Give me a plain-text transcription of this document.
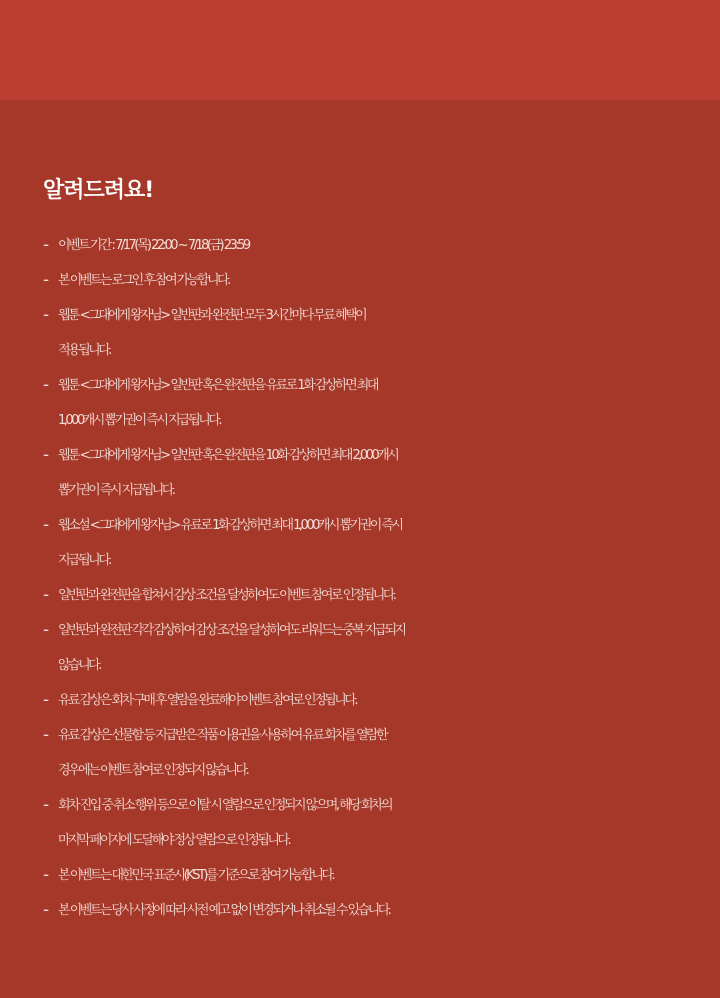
알려드려요!
- 이벤트 기간 : 7/17(목) 22:00 ~ 7/18(금) 23:59
- 본 이벤트는 로그인 후 참여 가능합니다.
- 웹툰 <그대에게 왕자님> 일반판과 완전판 모두 3시간마다 무료 혜택이
적용됩니다.
- 웹툰 <그대에게 왕자님> 일반판 혹은 완전판을 유료로 1화 감상하면 최대
1,000캐시 뽑기권이 즉시 지급됩니다.
- 웹툰 <그대에게 왕자님> 일반판 혹은 완전판을 10화 감상하면 최대 2,000캐시
뽑기권이 즉시 지급됩니다.
- 웹소설 <그대에게 왕자님> 유료로 1화 감상하면 최대 1,000캐시 뽑기권이 즉시
지급됩니다.
- 일반판과 완전판을 합쳐서 감상 조건을 달성하여도 이벤트 참여로 인정됩니다.
- 일반판과 완전판 각각 감상하여 감상 조건을 달성하여도 리워드는 중복 지급되지
않습니다.
- 유료 감상은 회차 구매 후 열람을 완료해야 이벤트 참여로 인정됩니다.
- 유료 감상은 선물함 등 지급받은 작품 이용권을 사용하여 유료 회차를 열람한
경우에는 이벤트 참여로 인정되지 않습니다.
- 회차 진입 중 취소 행위 등으로 이탈 시 열람으로 인정되지 않으며, 해당 회차의
마지막 페이지에 도달해야 정상 열람으로 인정됩니다.
- 본 이벤트는 대한민국 표준시(KST)를 기준으로 참여 가능합니다.
- 본 이벤트는 당사 사정에 따라 사전 예고 없이 변경되거나 취소될 수 있습니다.
